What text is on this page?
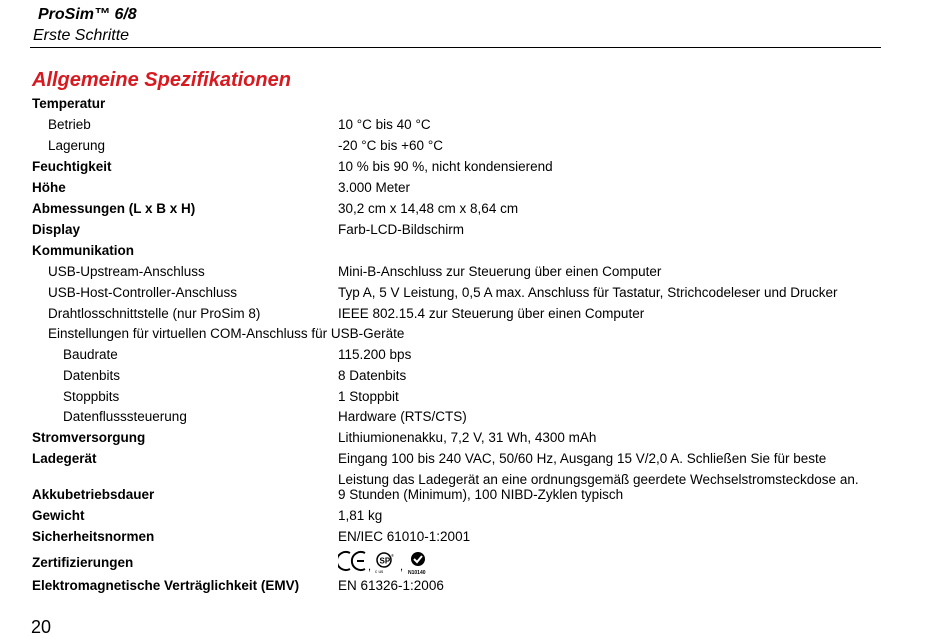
ProSim™ 6/8
Erste Schritte
Allgemeine Spezifikationen
Temperatur
Betrieb .....	10 °C bis 40 °C
Lagerung .....	-20 °C bis +60 °C
Feuchtigkeit .....	10 % bis 90 %, nicht kondensierend
Höhe .....	3.000 Meter
Abmessungen (L x B x H) .....	30,2 cm x 14,48 cm x 8,64 cm
Display .....	Farb-LCD-Bildschirm
Kommunikation
USB-Upstream-Anschluss .....	Mini-B-Anschluss zur Steuerung über einen Computer
USB-Host-Controller-Anschluss .....	Typ A, 5 V Leistung, 0,5 A max. Anschluss für Tastatur, Strichcodeleser und Drucker
Drahtlosschnittstelle (nur ProSim 8) .....	IEEE 802.15.4 zur Steuerung über einen Computer
Einstellungen für virtuellen COM-Anschluss für USB-Geräte
Baudrate .....	115.200 bps
Datenbits .....	8 Datenbits
Stoppbits .....	1 Stoppbit
Datenflusssteuerung .....	Hardware (RTS/CTS)
Stromversorgung .....	Lithiumionenakku, 7,2 V, 31 Wh, 4300 mAh
Ladegerät .....	Eingang 100 bis 240 VAC, 50/60 Hz, Ausgang 15 V/2,0 A. Schließen Sie für beste Leistung das Ladegerät an eine ordnungsgemäß geerdete Wechselstromsteckdose an.
Akkubetriebsdauer .....	9 Stunden (Minimum), 100 NIBD-Zyklen typisch
Gewicht .....	1,81 kg
Sicherheitsnormen .....	EN/IEC 61010-1:2001
Zertifizierungen .....	, SP
®
c us , N10140
Elektromagnetische Verträglichkeit (EMV) .....	EN 61326-1:2006
20
